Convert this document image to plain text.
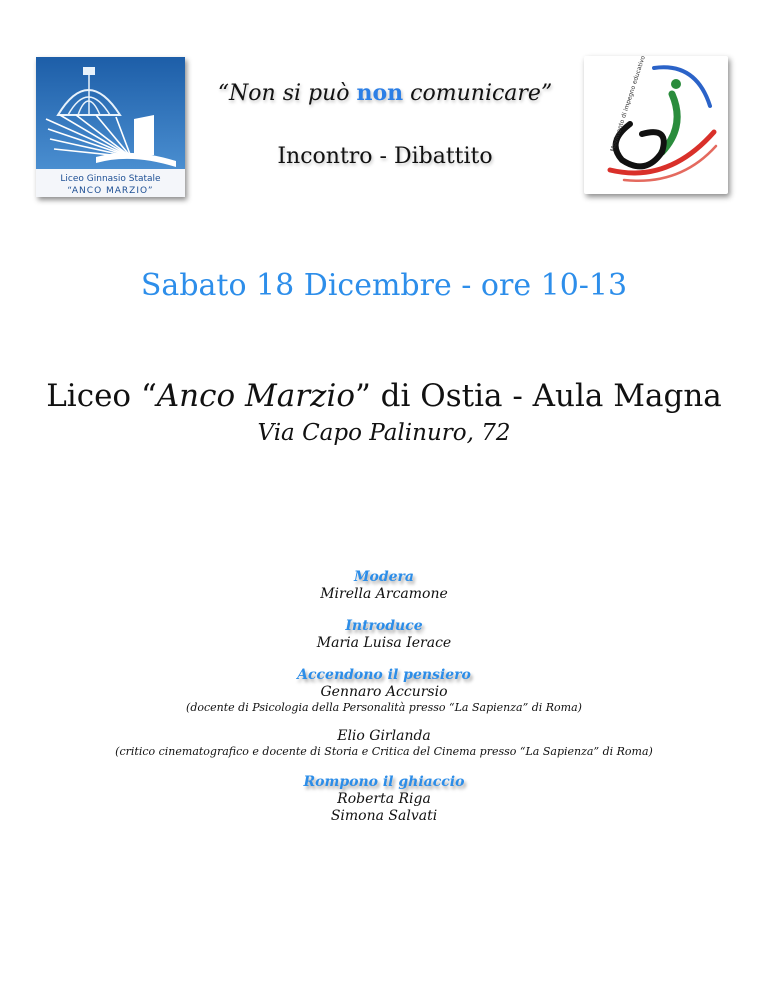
Liceo Ginnasio Statale
“ANCO MARZIO”
Movimento di impegno educativo di A.C.
“Non si può non comunicare”
Incontro - Dibattito
Sabato 18 Dicembre - ore 10-13
Liceo “Anco Marzio” di Ostia - Aula Magna
Via Capo Palinuro, 72
Modera
Mirella Arcamone
Introduce
Maria Luisa Ierace
Accendono il pensiero
Gennaro Accursio
(docente di Psicologia della Personalità presso “La Sapienza” di Roma)
Elio Girlanda
(critico cinematografico e docente di Storia e Critica del Cinema presso “La Sapienza” di Roma)
Rompono il ghiaccio
Roberta Riga
Simona Salvati
